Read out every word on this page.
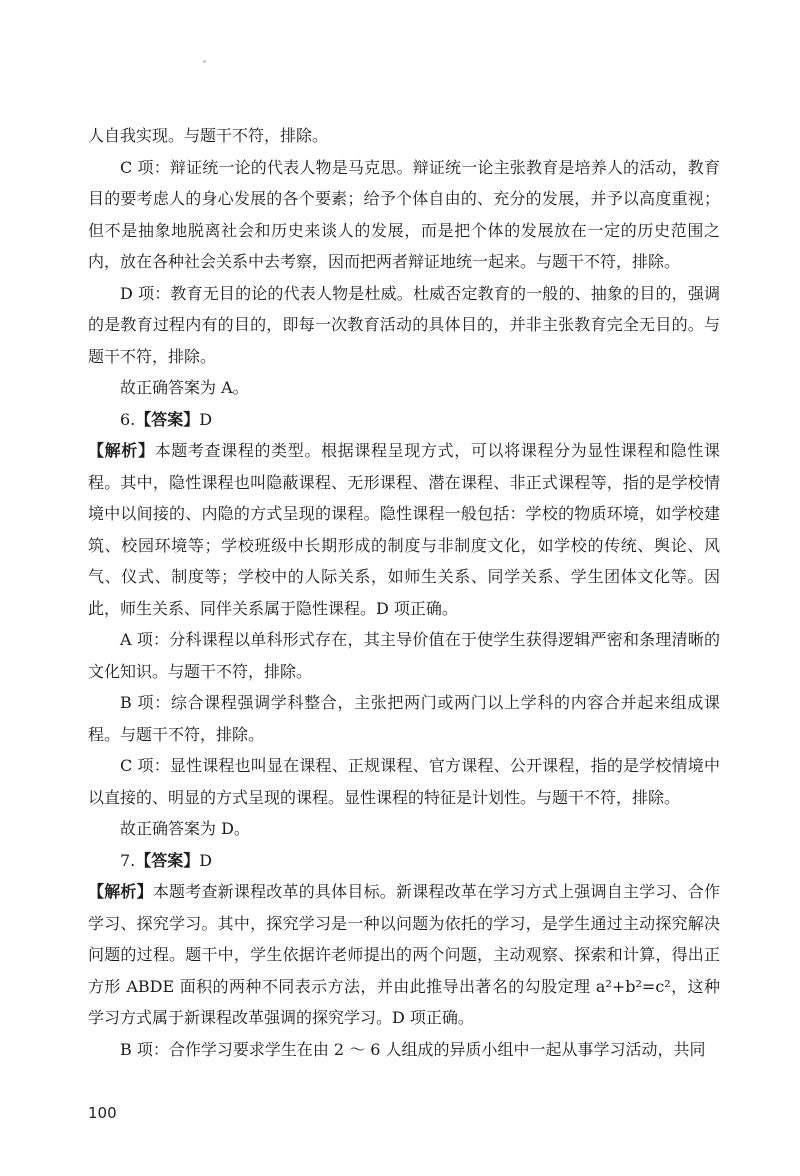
人自我实现。与题干不符，排除。

C 项：辩证统一论的代表人物是马克思。辩证统一论主张教育是培养人的活动，教育目的要考虑人的身心发展的各个要素；给予个体自由的、充分的发展，并予以高度重视；但不是抽象地脱离社会和历史来谈人的发展，而是把个体的发展放在一定的历史范围之内，放在各种社会关系中去考察，因而把两者辩证地统一起来。与题干不符，排除。

D 项：教育无目的论的代表人物是杜威。杜威否定教育的一般的、抽象的目的，强调的是教育过程内有的目的，即每一次教育活动的具体目的，并非主张教育完全无目的。与题干不符，排除。

故正确答案为 A。

6.【答案】D

【解析】本题考查课程的类型。根据课程呈现方式，可以将课程分为显性课程和隐性课程。其中，隐性课程也叫隐蔽课程、无形课程、潜在课程、非正式课程等，指的是学校情境中以间接的、内隐的方式呈现的课程。隐性课程一般包括：学校的物质环境，如学校建筑、校园环境等；学校班级中长期形成的制度与非制度文化，如学校的传统、舆论、风气、仪式、制度等；学校中的人际关系，如师生关系、同学关系、学生团体文化等。因此，师生关系、同伴关系属于隐性课程。D 项正确。

A 项：分科课程以单科形式存在，其主导价值在于使学生获得逻辑严密和条理清晰的文化知识。与题干不符，排除。

B 项：综合课程强调学科整合，主张把两门或两门以上学科的内容合并起来组成课程。与题干不符，排除。

C 项：显性课程也叫显在课程、正规课程、官方课程、公开课程，指的是学校情境中以直接的、明显的方式呈现的课程。显性课程的特征是计划性。与题干不符，排除。

故正确答案为 D。

7.【答案】D

【解析】本题考查新课程改革的具体目标。新课程改革在学习方式上强调自主学习、合作学习、探究学习。其中，探究学习是一种以问题为依托的学习，是学生通过主动探究解决问题的过程。题干中，学生依据许老师提出的两个问题，主动观察、探索和计算，得出正方形 ABDE 面积的两种不同表示方法，并由此推导出著名的勾股定理 a²+b²=c²，这种学习方式属于新课程改革强调的探究学习。D 项正确。

B 项：合作学习要求学生在由 2 ～ 6 人组成的异质小组中一起从事学习活动，共同

100
